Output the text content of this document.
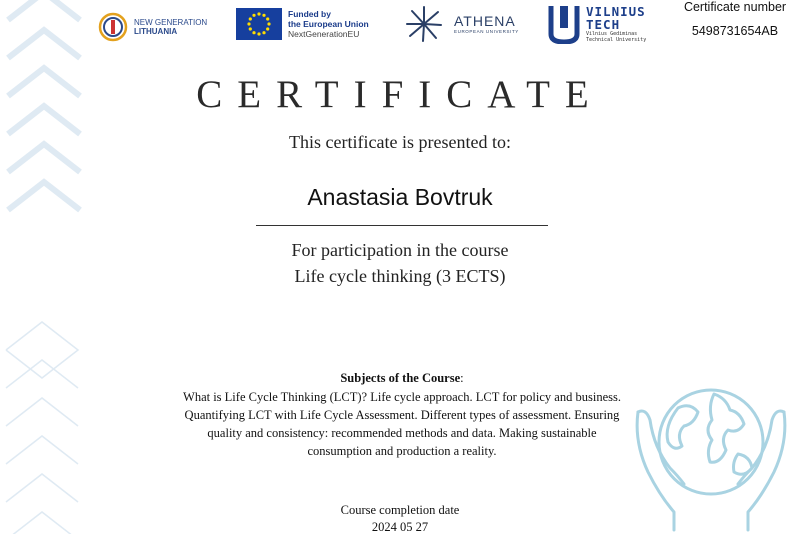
NEW GENERATION
LITHUANIA
Funded by
the European Union
NextGenerationEU
ATHENA
EUROPEAN UNIVERSITY
VILNIUS
TECH
Vilnius Gediminas
Technical University
Certificate number
5498731654AB
CERTIFICATE
This certificate is presented to:
Anastasia Bovtruk
For participation in the course
Life cycle thinking (3 ECTS)
Subjects of the Course:
What is Life Cycle Thinking (LCT)? Life cycle approach. LCT for policy and business. Quantifying LCT with Life Cycle Assessment. Different types of assessment. Ensuring quality and consistency: recommended methods and data. Making sustainable consumption and production a reality.
Course completion date
2024 05 27
